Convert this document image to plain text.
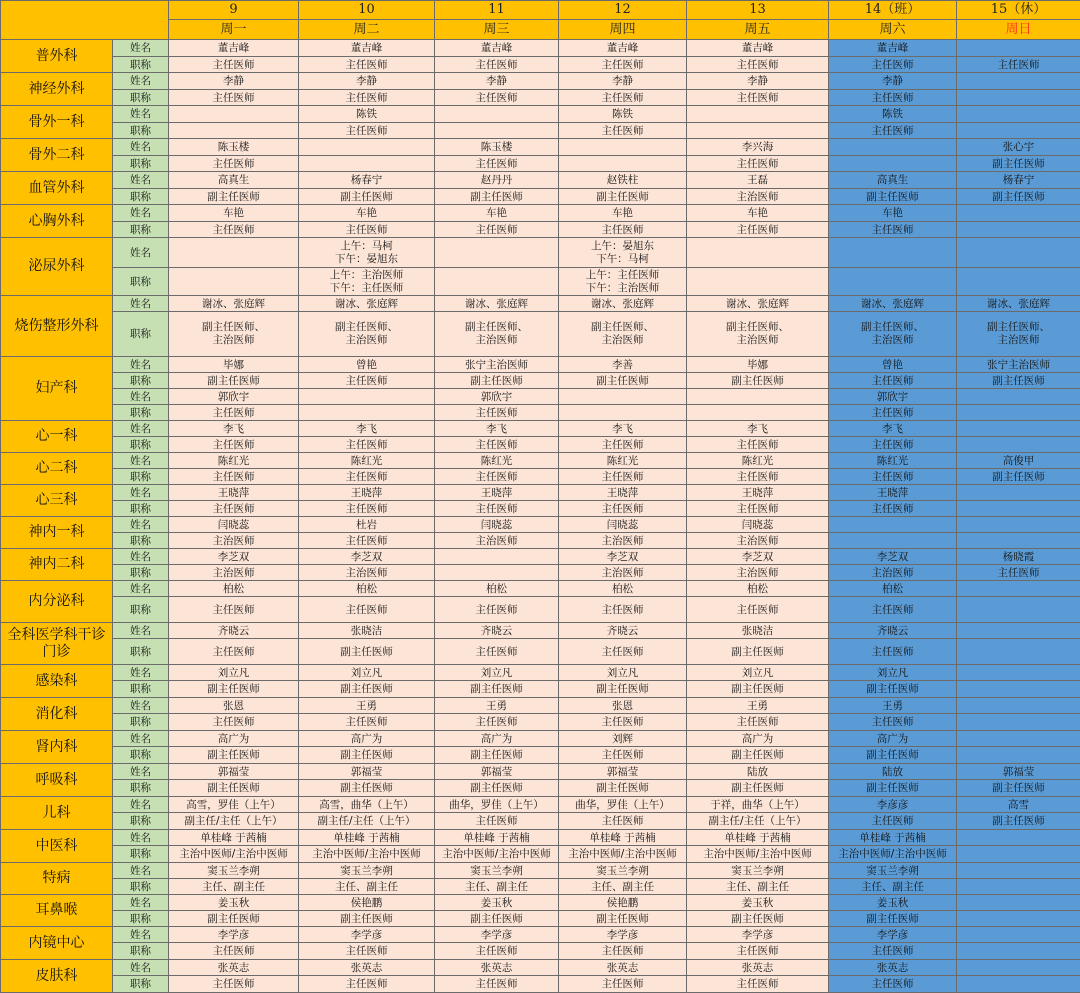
		9	10	11	12	13	14（班）	15（休）
		周一	周二	周三	周四	周五	周六	周日
普外科	姓名	董吉峰	董吉峰	董吉峰	董吉峰	董吉峰	董吉峰	
	职称	主任医师	主任医师	主任医师	主任医师	主任医师	主任医师	主任医师
神经外科	姓名	李静	李静	李静	李静	李静	李静	
	职称	主任医师	主任医师	主任医师	主任医师	主任医师	主任医师	
骨外一科	姓名		陈铁		陈铁		陈铁	
	职称		主任医师		主任医师		主任医师	
骨外二科	姓名	陈玉楼		陈玉楼		李兴海		张心宇
	职称	主任医师		主任医师		主任医师		副主任医师
血管外科	姓名	高真生	杨春宁	赵丹丹	赵铁柱	王磊	高真生	杨春宁
	职称	副主任医师	副主任医师	副主任医师	副主任医师	主治医师	副主任医师	副主任医师
心胸外科	姓名	车艳	车艳	车艳	车艳	车艳	车艳	
	职称	主任医师	主任医师	主任医师	主任医师	主任医师	主任医师	
泌尿外科	姓名		上午：马柯
下午：晏旭东		上午：晏旭东
下午：马柯			
	职称		上午：主治医师
下午：主任医师		上午：主任医师
下午：主治医师			
烧伤整形外科	姓名	谢冰、张庭辉	谢冰、张庭辉	谢冰、张庭辉	谢冰、张庭辉	谢冰、张庭辉	谢冰、张庭辉	谢冰、张庭辉
	职称	副主任医师、
主治医师	副主任医师、
主治医师	副主任医师、
主治医师	副主任医师、
主治医师	副主任医师、
主治医师	副主任医师、
主治医师	副主任医师、
主治医师
妇产科	姓名	毕娜	曾艳	张宁主治医师	李善	毕娜	曾艳	张宁主治医师
	职称	副主任医师	主任医师	副主任医师	副主任医师	副主任医师	主任医师	副主任医师
	姓名	郭欣宇		郭欣宇			郭欣宇	
	职称	主任医师		主任医师			主任医师	
心一科	姓名	李飞	李飞	李飞	李飞	李飞	李飞	
	职称	主任医师	主任医师	主任医师	主任医师	主任医师	主任医师	
心二科	姓名	陈红光	陈红光	陈红光	陈红光	陈红光	陈红光	高俊甲
	职称	主任医师	主任医师	主任医师	主任医师	主任医师	主任医师	副主任医师
心三科	姓名	王晓萍	王晓萍	王晓萍	王晓萍	王晓萍	王晓萍	
	职称	主任医师	主任医师	主任医师	主任医师	主任医师	主任医师	
神内一科	姓名	闫晓蕊	杜岩	闫晓蕊	闫晓蕊	闫晓蕊		
	职称	主治医师	主任医师	主治医师	主治医师	主治医师		
神内二科	姓名	李芝双	李芝双		李芝双	李芝双	李芝双	杨晓霞
	职称	主治医师	主治医师		主治医师	主治医师	主治医师	主任医师
内分泌科	姓名	柏松	柏松	柏松	柏松	柏松	柏松	
	职称	主任医师	主任医师	主任医师	主任医师	主任医师	主任医师	
全科医学科干诊门诊	姓名	齐晓云	张晓洁	齐晓云	齐晓云	张晓洁	齐晓云	
	职称	主任医师	副主任医师	主任医师	主任医师	副主任医师	主任医师	
感染科	姓名	刘立凡	刘立凡	刘立凡	刘立凡	刘立凡	刘立凡	
	职称	副主任医师	副主任医师	副主任医师	副主任医师	副主任医师	副主任医师	
消化科	姓名	张恩	王勇	王勇	张恩	王勇	王勇	
	职称	主任医师	主任医师	主任医师	主任医师	主任医师	主任医师	
肾内科	姓名	高广为	高广为	高广为	刘辉	高广为	高广为	
	职称	副主任医师	副主任医师	副主任医师	主任医师	副主任医师	副主任医师	
呼吸科	姓名	郭福莹	郭福莹	郭福莹	郭福莹	陆放	陆放	郭福莹
	职称	副主任医师	副主任医师	副主任医师	副主任医师	副主任医师	副主任医师	副主任医师
儿科	姓名	高雪，罗佳（上午）	高雪，曲华（上午）	曲华，罗佳（上午）	曲华，罗佳（上午）	于祥，曲华（上午）	李彦彦	高雪
	职称	副主任/主任（上午）	副主任/主任（上午）	主任医师	主任医师	副主任/主任（上午）	主任医师	副主任医师
中医科	姓名	单桂峰 于茜楠	单桂峰 于茜楠	单桂峰 于茜楠	单桂峰 于茜楠	单桂峰 于茜楠	单桂峰 于茜楠	
	职称	主治中医师/主治中医师	主治中医师/主治中医师	主治中医师/主治中医师	主治中医师/主治中医师	主治中医师/主治中医师	主治中医师/主治中医师	
特病	姓名	窦玉兰李朔	窦玉兰李朔	窦玉兰李朔	窦玉兰李朔	窦玉兰李朔	窦玉兰李朔	
	职称	主任、副主任	主任、副主任	主任、副主任	主任、副主任	主任、副主任	主任、副主任	
耳鼻喉	姓名	姜玉秋	侯艳鹏	姜玉秋	侯艳鹏	姜玉秋	姜玉秋	
	职称	副主任医师	副主任医师	副主任医师	副主任医师	副主任医师	副主任医师	
内镜中心	姓名	李学彦	李学彦	李学彦	李学彦	李学彦	李学彦	
	职称	主任医师	主任医师	主任医师	主任医师	主任医师	主任医师	
皮肤科	姓名	张英志	张英志	张英志	张英志	张英志	张英志	
	职称	主任医师	主任医师	主任医师	主任医师	主任医师	主任医师	
